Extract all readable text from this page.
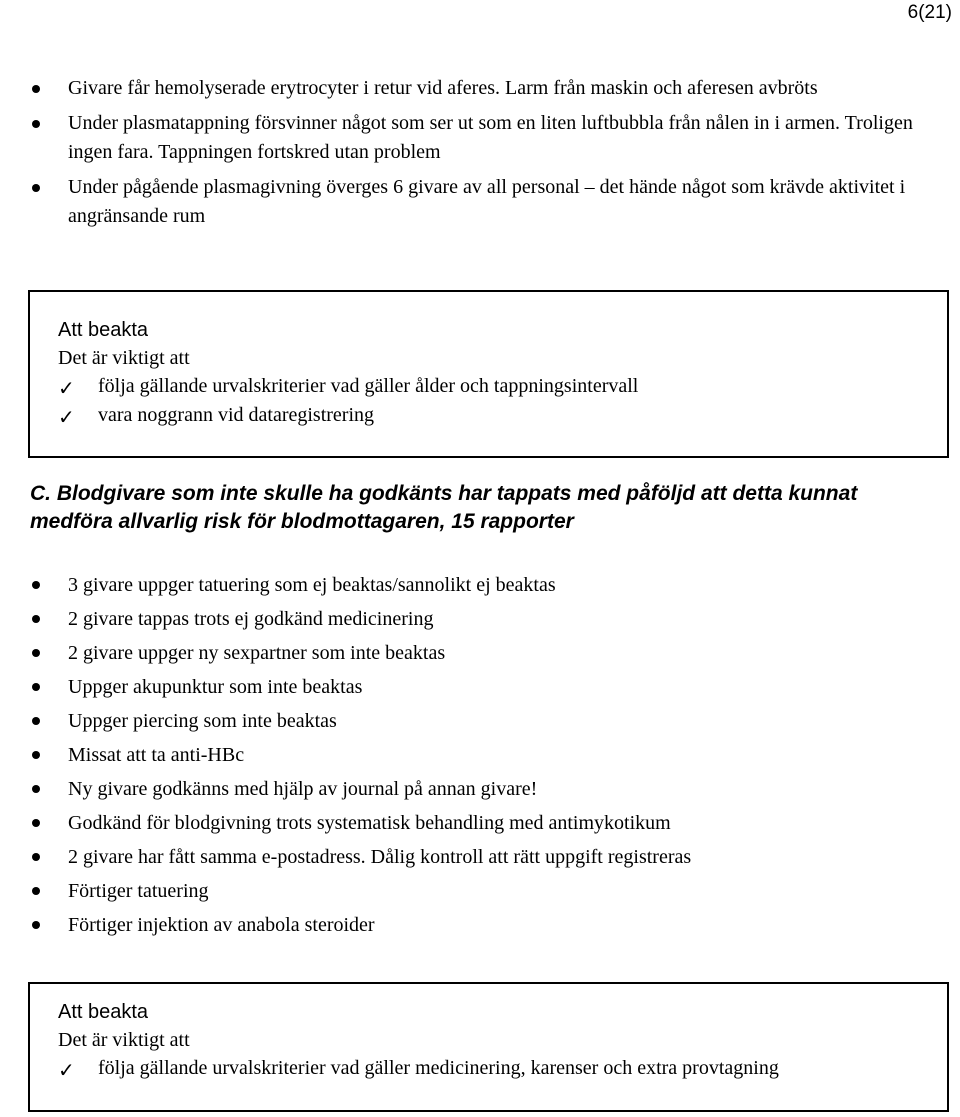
6(21)
Givare får hemolyserade erytrocyter i retur vid aferes. Larm från maskin och aferesen avbröts
Under plasmatappning försvinner något som ser ut som en liten luftbubbla från nålen in i armen. Troligen ingen fara. Tappningen fortskred utan problem
Under pågående plasmagivning överges 6 givare av all personal – det hände något som krävde aktivitet i angränsande rum
Att beakta
Det är viktigt att
✓ följa gällande urvalskriterier vad gäller ålder och tappningsintervall
✓ vara noggrann vid dataregistrering
C. Blodgivare som inte skulle ha godkänts har tappats med påföljd att detta kunnat medföra allvarlig risk för blodmottagaren, 15 rapporter
3 givare uppger tatuering som ej beaktas/sannolikt ej beaktas
2 givare tappas trots ej godkänd medicinering
2 givare uppger ny sexpartner som inte beaktas
Uppger akupunktur som inte beaktas
Uppger piercing som inte beaktas
Missat att ta anti-HBc
Ny givare godkänns med hjälp av journal på annan givare!
Godkänd för blodgivning trots systematisk behandling med antimykotikum
2 givare har fått samma e-postadress. Dålig kontroll att rätt uppgift registreras
Förtiger tatuering
Förtiger injektion av anabola steroider
Att beakta
Det är viktigt att
✓ följa gällande urvalskriterier vad gäller medicinering, karenser och extra provtagning
